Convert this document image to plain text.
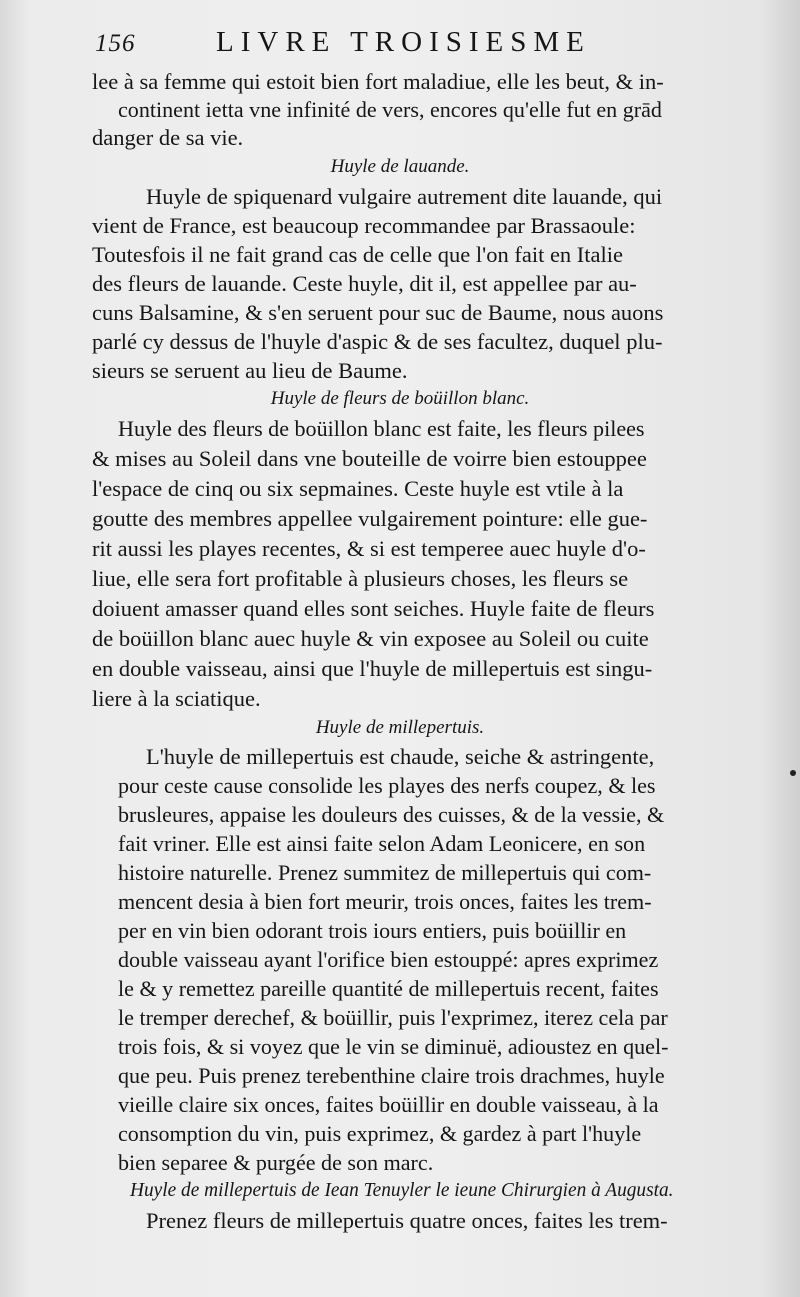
156	LIVRE TROISIESME
lee à sa femme qui estoit bien fort maladiue, elle les beut, & in-
continent ietta vne infinité de vers, encores qu'elle fut en grād
danger de sa vie.
Huyle de lauande.
Huyle de spiquenard vulgaire autrement dite lauande, qui
vient de France, est beaucoup recommandee par Brassaoule:
Toutesfois il ne fait grand cas de celle que l'on fait en Italie
des fleurs de lauande. Ceste huyle, dit il, est appellee par au-
cuns Balsamine, & s'en seruent pour suc de Baume, nous auons
parlé cy dessus de l'huyle d'aspic & de ses facultez, duquel plu-
sieurs se seruent au lieu de Baume.
Huyle de fleurs de boüillon blanc.
Huyle des fleurs de boüillon blanc est faite, les fleurs pilees
& mises au Soleil dans vne bouteille de voirre bien estouppee
l'espace de cinq ou six sepmaines. Ceste huyle est vtile à la
goutte des membres appellee vulgairement pointure: elle gue-
rit aussi les playes recentes, & si est temperee auec huyle d'o-
liue, elle sera fort profitable à plusieurs choses, les fleurs se
doiuent amasser quand elles sont seiches. Huyle faite de fleurs
de boüillon blanc auec huyle & vin exposee au Soleil ou cuite
en double vaisseau, ainsi que l'huyle de millepertuis est singu-
liere à la sciatique.
Huyle de millepertuis.
L'huyle de millepertuis est chaude, seiche & astringente,
pour ceste cause consolide les playes des nerfs coupez, & les
brusleures, appaise les douleurs des cuisses, & de la vessie, &
fait vriner. Elle est ainsi faite selon Adam Leonicere, en son
histoire naturelle. Prenez summitez de millepertuis qui com-
mencent desia à bien fort meurir, trois onces, faites les trem-
per en vin bien odorant trois iours entiers, puis boüillir en
double vaisseau ayant l'orifice bien estouppé: apres exprimez
le & y remettez pareille quantité de millepertuis recent, faites
le tremper derechef, & boüillir, puis l'exprimez, iterez cela par
trois fois, & si voyez que le vin se diminuë, adioustez en quel-
que peu. Puis prenez terebenthine claire trois drachmes, huyle
vieille claire six onces, faites boüillir en double vaisseau, à la
consomption du vin, puis exprimez, & gardez à part l'huyle
bien separee & purgée de son marc.
Huyle de millepertuis de Iean Tenuyler le ieune Chirurgien à Augusta.
Prenez fleurs de millepertuis quatre onces, faites les trem-
